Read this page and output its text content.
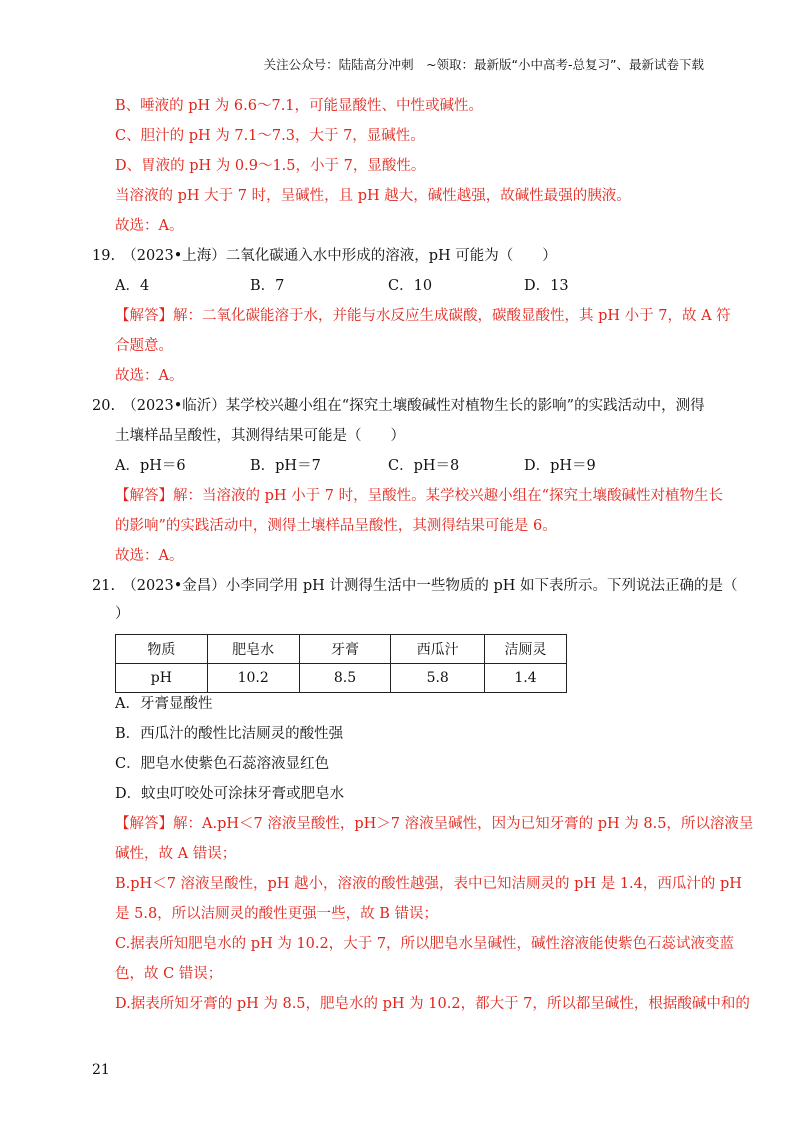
关注公众号：陆陆高分冲刺　~领取：最新版“小中高考-总复习”、最新试卷下载
B、唾液的 pH 为 6.6～7.1，可能显酸性、中性或碱性。
C、胆汁的 pH 为 7.1～7.3，大于 7，显碱性。
D、胃液的 pH 为 0.9～1.5，小于 7，显酸性。
当溶液的 pH 大于 7 时，呈碱性，且 pH 越大，碱性越强，故碱性最强的胰液。
故选：A。
19.　（2023•上海）二氧化碳通入水中形成的溶液，pH 可能为（　　）
A．4	B．7	C．10	D．13
【解答】解：二氧化碳能溶于水，并能与水反应生成碳酸，碳酸显酸性，其 pH 小于 7，故 A 符
合题意。
故选：A。
20.　（2023•临沂）某学校兴趣小组在“探究土壤酸碱性对植物生长的影响”的实践活动中，测得
土壤样品呈酸性，其测得结果可能是（　　）
A．pH＝6	B．pH＝7	C．pH＝8	D．pH＝9
【解答】解：当溶液的 pH 小于 7 时，呈酸性。某学校兴趣小组在“探究土壤酸碱性对植物生长
的影响”的实践活动中，测得土壤样品呈酸性，其测得结果可能是 6。
故选：A。
21.　（2023•金昌）小李同学用 pH 计测得生活中一些物质的 pH 如下表所示。下列说法正确的是（
）
物质	肥皂水	牙膏	西瓜汁	洁厕灵
pH	10.2	8.5	5.8	1.4
A．牙膏显酸性
B．西瓜汁的酸性比洁厕灵的酸性强
C．肥皂水使紫色石蕊溶液显红色
D．蚊虫叮咬处可涂抹牙膏或肥皂水
【解答】解：A.pH＜7 溶液呈酸性，pH＞7 溶液呈碱性，因为已知牙膏的 pH 为 8.5，所以溶液呈
碱性，故 A 错误；
B.pH＜7 溶液呈酸性，pH 越小，溶液的酸性越强，表中已知洁厕灵的 pH 是 1.4，西瓜汁的 pH
是 5.8，所以洁厕灵的酸性更强一些，故 B 错误；
C.据表所知肥皂水的 pH 为 10.2，大于 7，所以肥皂水呈碱性，碱性溶液能使紫色石蕊试液变蓝
色，故 C 错误；
D.据表所知牙膏的 pH 为 8.5，肥皂水的 pH 为 10.2，都大于 7，所以都呈碱性，根据酸碱中和的
21
